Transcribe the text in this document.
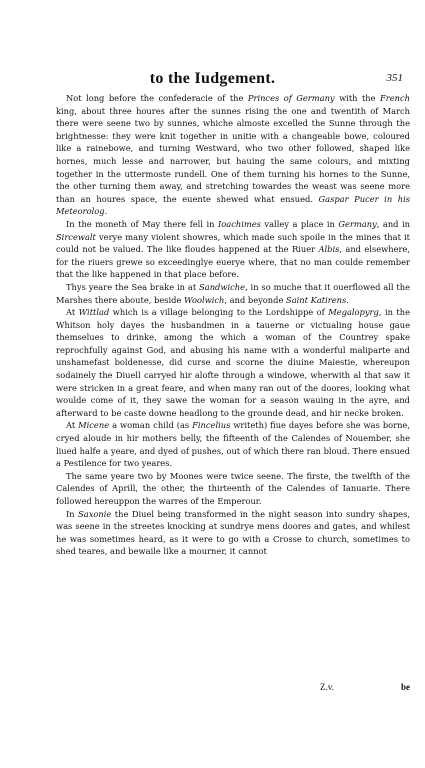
to the Iudgement.	351

Not long before the confederacie of the Princes of Germany with the French king, about three houres after the sunnes rising the one and twentith of March there were seene two by sunnes, whiche almoste excelled the Sunne through the brightnesse: they were knit together in unitie with a changeable bowe, coloured like a rainebowe, and turning Westward, who two other followed, shaped like hornes, much lesse and narrower, but hauing the same colours, and mixting together in the uttermoste rundell. One of them turning his hornes to the Sunne, the other turning them away, and stretching towardes the weast was seene more than an houres space, the euente shewed what ensued. Gaspar Pucer in his Meteorolog.

In the moneth of May there fell in Ioachimes valley a place in Germany, and in Sircewalt verye many violent showres, which made such spoile in the mines that it could not be valued. The like floudes happened at the Riuer Albis, and elsewhere, for the riuers grewe so exceedinglye euerye where, that no man coulde remember that the like happened in that place before.

Thys yeare the Sea brake in at Sandwiche, in so muche that it ouerflowed all the Marshes there aboute, beside Woolwich, and beyonde Saint Katirens.

At Wittlad which is a village belonging to the Lordshippe of Megalopyrg, in the Whitson holy dayes the husbandmen in a tauerne or victualing house gaue themselues to drinke, among the which a woman of the Countrey spake reprochfully against God, and abusing his name with a wonderful maliparte and unshamefast boldenesse, did curse and scorne the diuine Maiestie, whereupon sodainely the Diuell carryed hir alofte through a windowe, wherwith al that saw it were stricken in a great feare, and when many ran out of the doores, looking what woulde come of it, they sawe the woman for a season wauing in the ayre, and afterward to be caste downe headlong to the grounde dead, and hir necke broken.

At Micene a woman child (as Fincelius writeth) fiue dayes before she was borne, cryed aloude in hir mothers belly, the fifteenth of the Calendes of Nouember, she liued halfe a yeare, and dyed of pushes, out of which there ran bloud. There ensued a Pestilence for two yeares.

The same yeare two by Moones were twice seene. The firste, the twelfth of the Calendes of Aprill, the other, the thirteenth of the Calendes of Ianuarie. There followed hereuppon the warres of the Emperour.

In Saxonie the Diuel being transformed in the night season into sundry shapes, was seene in the streetes knocking at sundrye mens doores and gates, and whilest he was sometimes heard, as it were to go with a Crosse to church, sometimes to shed teares, and bewaile like a mourner, it cannot

Z.v.	be
